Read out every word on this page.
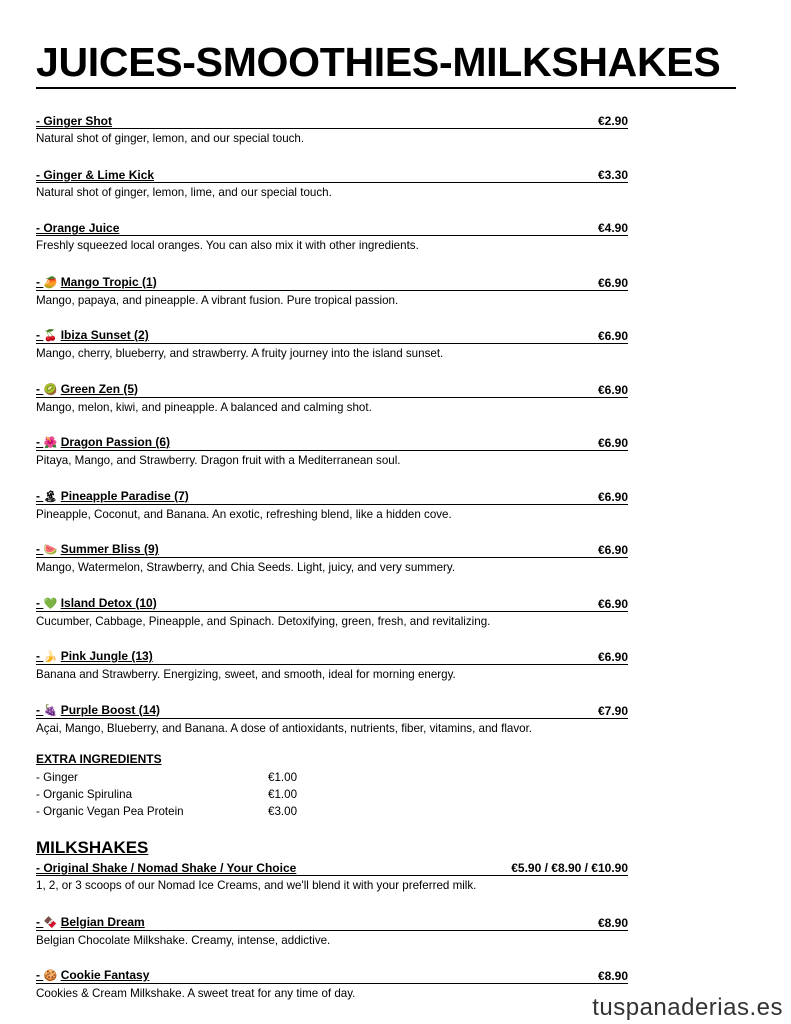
JUICES-SMOOTHIES-MILKSHAKES
- Ginger Shot	€2.90
Natural shot of ginger, lemon, and our special touch.
- Ginger & Lime Kick	€3.30
Natural shot of ginger, lemon, lime, and our special touch.
- Orange Juice	€4.90
Freshly squeezed local oranges. You can also mix it with other ingredients.
- 🥭 Mango Tropic (1)	€6.90
Mango, papaya, and pineapple. A vibrant fusion. Pure tropical passion.
- 🍒 Ibiza Sunset (2)	€6.90
Mango, cherry, blueberry, and strawberry. A fruity journey into the island sunset.
- 🥝 Green Zen (5)	€6.90
Mango, melon, kiwi, and pineapple. A balanced and calming shot.
- 🌺 Dragon Passion (6)	€6.90
Pitaya, Mango, and Strawberry. Dragon fruit with a Mediterranean soul.
- 🏝 Pineapple Paradise (7)	€6.90
Pineapple, Coconut, and Banana. An exotic, refreshing blend, like a hidden cove.
- 🍉 Summer Bliss (9)	€6.90
Mango, Watermelon, Strawberry, and Chia Seeds. Light, juicy, and very summery.
- 💚 Island Detox (10)	€6.90
Cucumber, Cabbage, Pineapple, and Spinach. Detoxifying, green, fresh, and revitalizing.
- 🍌 Pink Jungle (13)	€6.90
Banana and Strawberry. Energizing, sweet, and smooth, ideal for morning energy.
- 🍇 Purple Boost (14)	€7.90
Açai, Mango, Blueberry, and Banana. A dose of antioxidants, nutrients, fiber, vitamins, and flavor.
EXTRA INGREDIENTS
- Ginger	€1.00
- Organic Spirulina	€1.00
- Organic Vegan Pea Protein	€3.00
MILKSHAKES
- Original Shake / Nomad Shake / Your Choice	€5.90 / €8.90 / €10.90
1, 2, or 3 scoops of our Nomad Ice Creams, and we'll blend it with your preferred milk.
- 🍫 Belgian Dream	€8.90
Belgian Chocolate Milkshake. Creamy, intense, addictive.
- 🍪 Cookie Fantasy	€8.90
Cookies & Cream Milkshake. A sweet treat for any time of day.
tuspanaderias.es
